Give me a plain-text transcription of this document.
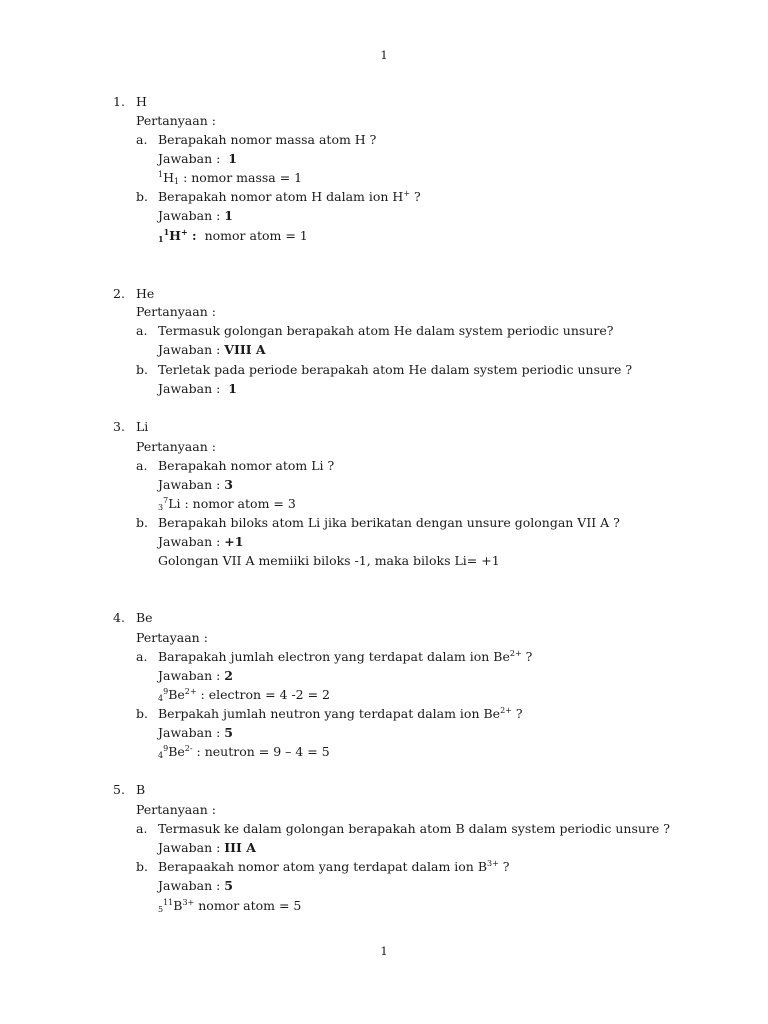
1
1. H
Pertanyaan :
a. Berapakah nomor massa atom H ?
Jawaban : 1
$^1H_1$ : nomor massa = 1
b. Berapakah nomor atom H dalam ion H+ ?
Jawaban : 1
$_1^1$H+ :  nomor atom = 1
2. He
Pertanyaan :
a. Termasuk golongan berapakah atom He dalam system periodic unsure?
Jawaban : VIII A
b. Terletak pada periode berapakah atom He dalam system periodic unsure ?
Jawaban : 1
3. Li
Pertanyaan :
a. Berapakah nomor atom Li ?
Jawaban : 3
$_3^7$Li : nomor atom = 3
b. Berapakah biloks atom Li jika berikatan dengan unsure golongan VII A ?
Jawaban : +1
Golongan VII A memiiki biloks -1, maka biloks Li= +1
4. Be
Pertayaan :
a. Barapakah jumlah electron yang terdapat dalam ion $Be^{2+}$ ?
Jawaban : 2
$_4^9Be^{2+}$ : electron = 4 -2 = 2
b. Berpakah jumlah neutron yang terdapat dalam ion $Be^{2+}$ ?
Jawaban : 5
$_4^9Be^{2-}$ : neutron = 9 – 4 = 5
5. B
Pertanyaan :
a. Termasuk ke dalam golongan berapakah atom B dalam system periodic unsure ?
Jawaban : III A
b. Berapaakah nomor atom yang terdapat dalam ion $B^{3+}$ ?
Jawaban : 5
$_5^{11}B^{3+}$ nomor atom = 5
1
